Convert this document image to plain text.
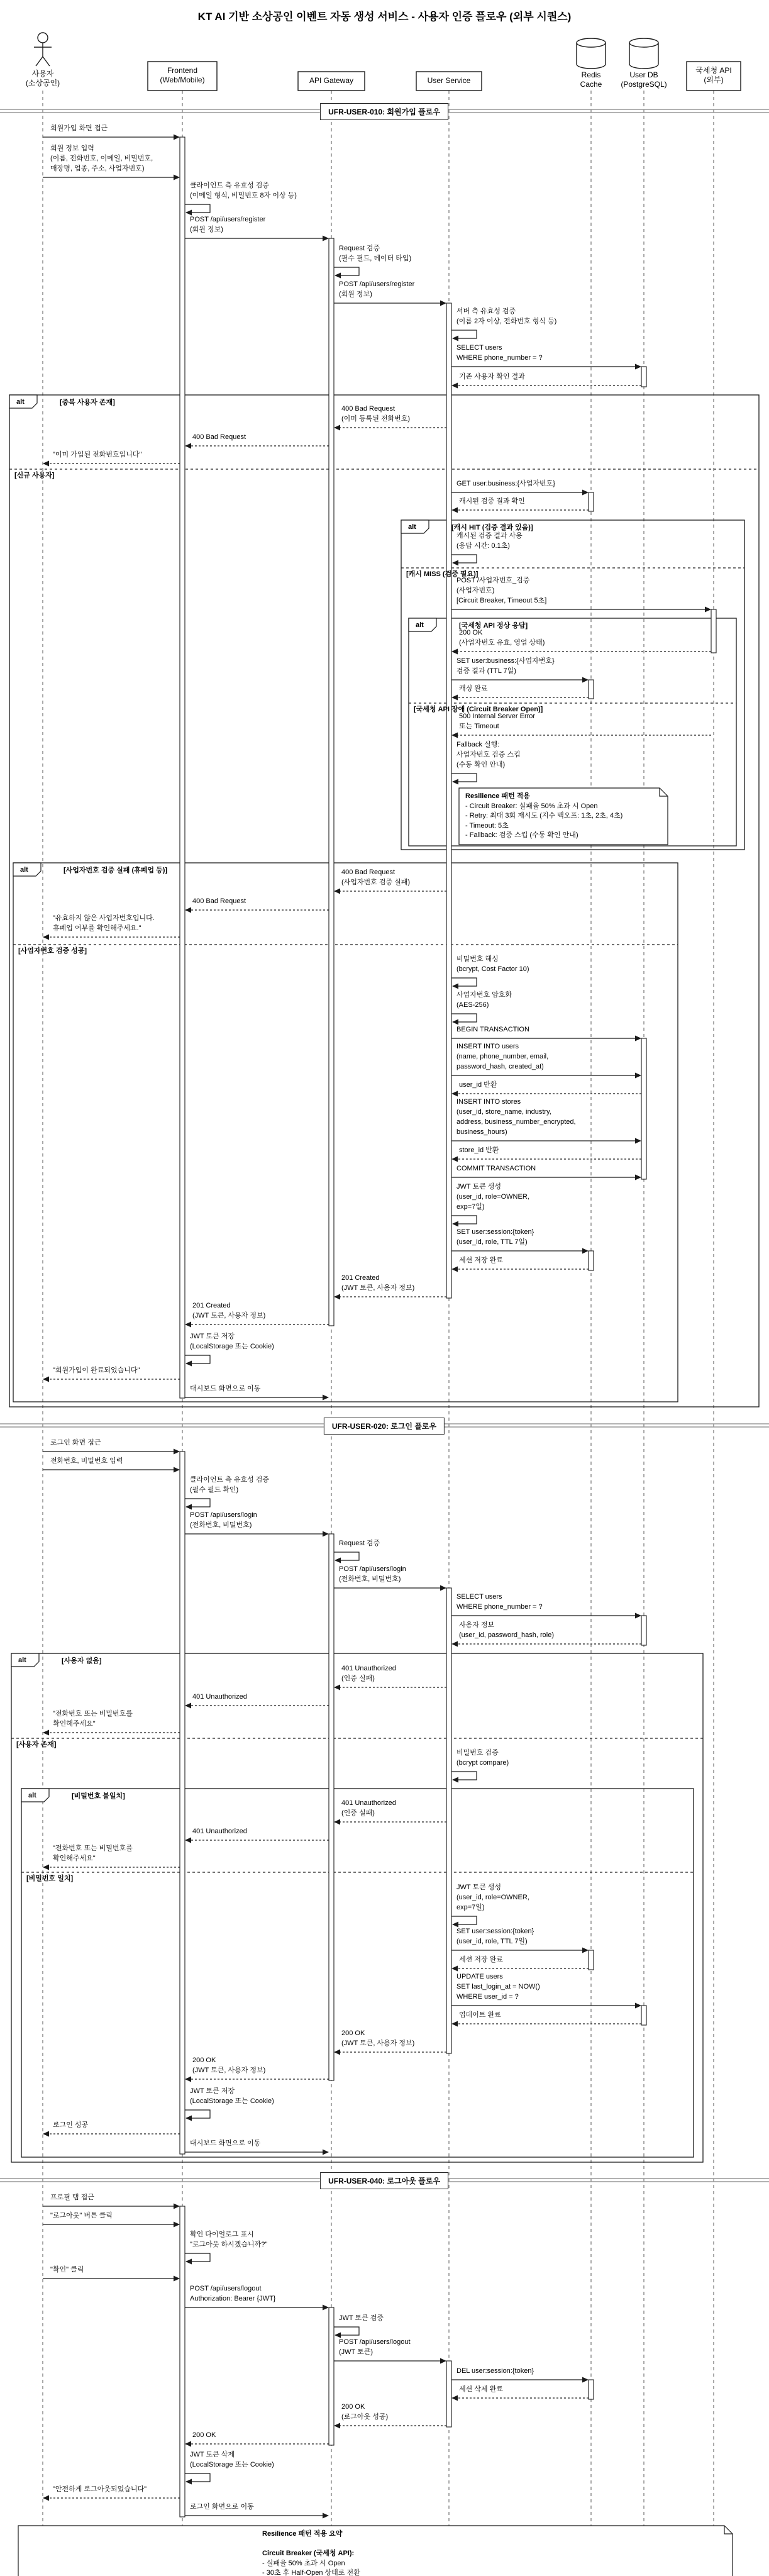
KT AI 기반 소상공인 이벤트 자동 생성 서비스 - 사용자 인증 플로우 (외부 시퀀스)
alt	[중복 사용자 존재]
[신규 사용자]
alt	[캐시 HIT (검증 결과 있음)]
[캐시 MISS (검증 필요)]
alt	[국세청 API 정상 응답]
[국세청 API 장애 (Circuit Breaker Open)]
alt	[사업자번호 검증 실패 (휴폐업 등)]
[사업자번호 검증 성공]
alt	[사용자 없음]
[사용자 존재]
alt	[비밀번호 불일치]
[비밀번호 일치]
회원가입 화면 접근
회원 정보 입력
(이름, 전화번호, 이메일, 비밀번호,
매장명, 업종, 주소, 사업자번호)
클라이언트 측 유효성 검증
(이메일 형식, 비밀번호 8자 이상 등)
POST /api/users/register
(회원 정보)
Request 검증
(필수 필드, 데이터 타입)
POST /api/users/register
(회원 정보)
서버 측 유효성 검증
(이름 2자 이상, 전화번호 형식 등)
SELECT users
WHERE phone_number = ?
기존 사용자 확인 결과
400 Bad Request
(이미 등록된 전화번호)
400 Bad Request
"이미 가입된 전화번호입니다"
GET user:business:{사업자번호}
캐시된 검증 결과 확인
캐시된 검증 결과 사용
(응답 시간: 0.1초)
POST /사업자번호_검증
(사업자번호)
[Circuit Breaker, Timeout 5초]
200 OK
(사업자번호 유효, 영업 상태)
SET user:business:{사업자번호}
검증 결과 (TTL 7일)
캐싱 완료
500 Internal Server Error
또는 Timeout
Fallback 실행:
사업자번호 검증 스킵
(수동 확인 안내)
400 Bad Request
(사업자번호 검증 실패)
400 Bad Request
"유효하지 않은 사업자번호입니다.
휴폐업 여부를 확인해주세요."
비밀번호 해싱
(bcrypt, Cost Factor 10)
사업자번호 암호화
(AES-256)
BEGIN TRANSACTION
INSERT INTO users
(name, phone_number, email,
password_hash, created_at)
user_id 반환
INSERT INTO stores
(user_id, store_name, industry,
address, business_number_encrypted,
business_hours)
store_id 반환
COMMIT TRANSACTION
JWT 토큰 생성
(user_id, role=OWNER,
exp=7일)
SET user:session:{token}
(user_id, role, TTL 7일)
세션 저장 완료
201 Created
(JWT 토큰, 사용자 정보)
201 Created
(JWT 토큰, 사용자 정보)
JWT 토큰 저장
(LocalStorage 또는 Cookie)
"회원가입이 완료되었습니다"
대시보드 화면으로 이동
로그인 화면 접근
전화번호, 비밀번호 입력
클라이언트 측 유효성 검증
(필수 필드 확인)
POST /api/users/login
(전화번호, 비밀번호)
Request 검증
POST /api/users/login
(전화번호, 비밀번호)
SELECT users
WHERE phone_number = ?
사용자 정보
(user_id, password_hash, role)
401 Unauthorized
(인증 실패)
401 Unauthorized
"전화번호 또는 비밀번호를
확인해주세요"
비밀번호 검증
(bcrypt compare)
401 Unauthorized
(인증 실패)
401 Unauthorized
"전화번호 또는 비밀번호를
확인해주세요"
JWT 토큰 생성
(user_id, role=OWNER,
exp=7일)
SET user:session:{token}
(user_id, role, TTL 7일)
세션 저장 완료
UPDATE users
SET last_login_at = NOW()
WHERE user_id = ?
업데이트 완료
200 OK
(JWT 토큰, 사용자 정보)
200 OK
(JWT 토큰, 사용자 정보)
JWT 토큰 저장
(LocalStorage 또는 Cookie)
로그인 성공
대시보드 화면으로 이동
프로필 탭 접근
"로그아웃" 버튼 클릭
확인 다이얼로그 표시
"로그아웃 하시겠습니까?"
"확인" 클릭
POST /api/users/logout
Authorization: Bearer {JWT}
JWT 토큰 검증
POST /api/users/logout
(JWT 토큰)
DEL user:session:{token}
세션 삭제 완료
200 OK
(로그아웃 성공)
200 OK
JWT 토큰 삭제
(LocalStorage 또는 Cookie)
"안전하게 로그아웃되었습니다"
로그인 화면으로 이동
사용자
(소상공인)
Frontend
(Web/Mobile)	API Gateway	User Service
Redis
Cache
User DB
(PostgreSQL)
국세청 API
(외부)
UFR-USER-010: 회원가입 플로우
UFR-USER-020: 로그인 플로우
UFR-USER-040: 로그아웃 플로우
Resilience 패턴 적용
- Circuit Breaker: 실패율 50% 초과 시 Open
- Retry: 최대 3회 재시도 (지수 백오프: 1초, 2초, 4초)
- Timeout: 5초
- Fallback: 검증 스킵 (수동 확인 안내)
Resilience 패턴 적용 요약

Circuit Breaker (국세청 API):
- 실패율 50% 초과 시 Open
- 30초 후 Half-Open 상태로 전환
